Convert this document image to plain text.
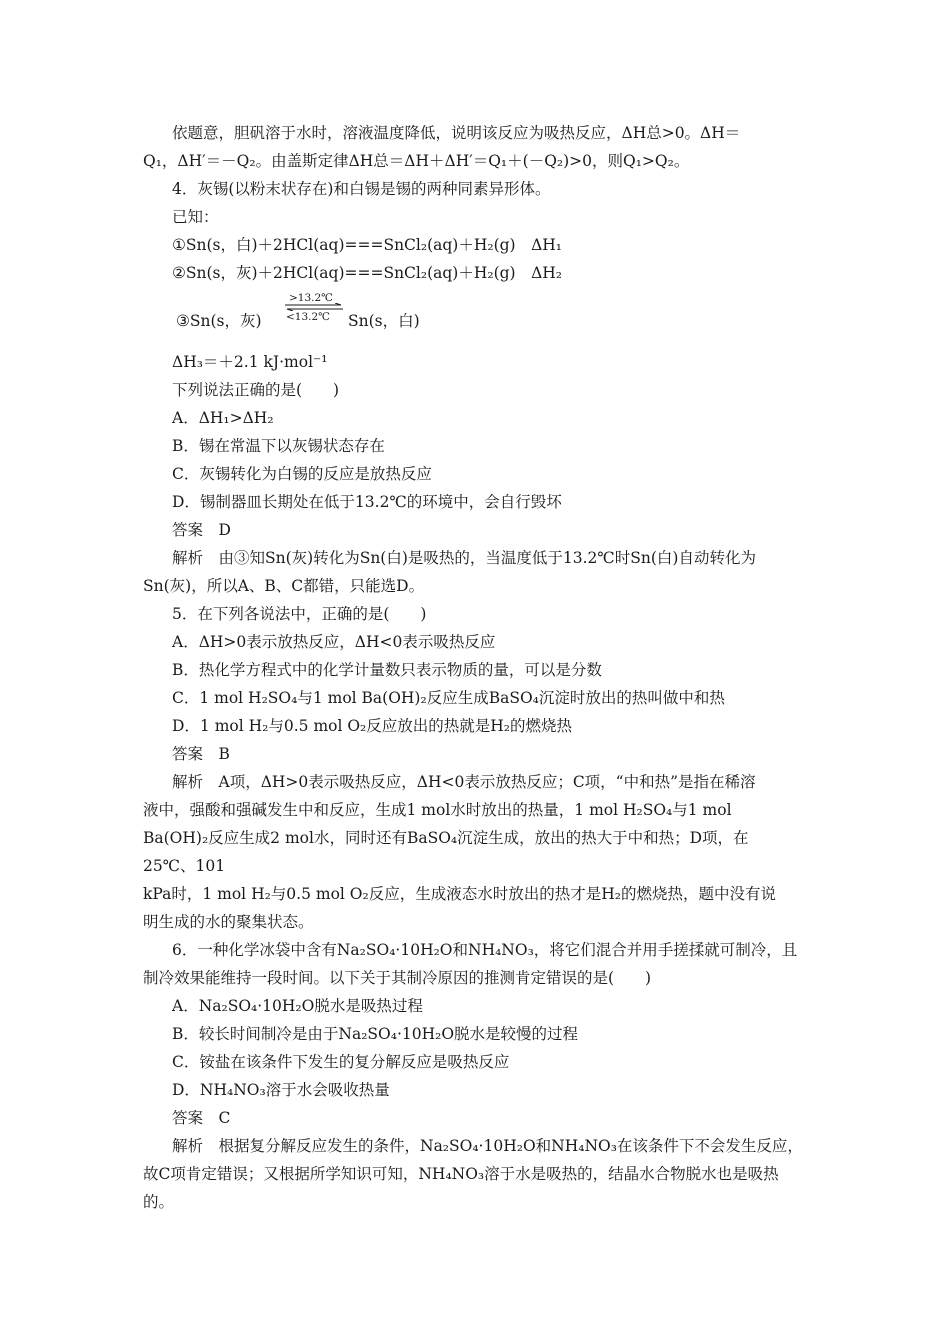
依题意，胆矾溶于水时，溶液温度降低，说明该反应为吸热反应，ΔH总>0。ΔH＝
Q₁，ΔH′＝－Q₂。由盖斯定律ΔH总＝ΔH＋ΔH′＝Q₁＋(－Q₂)>0，则Q₁>Q₂。
4．灰锡(以粉末状存在)和白锡是锡的两种同素异形体。
已知：
①Sn(s，白)＋2HCl(aq)===SnCl₂(aq)＋H₂(g)　ΔH₁
②Sn(s，灰)＋2HCl(aq)===SnCl₂(aq)＋H₂(g)　ΔH₂
③Sn(s，灰)
>13.2℃
<13.2℃ Sn(s，白)
ΔH₃＝＋2.1 kJ·mol⁻¹
下列说法正确的是(　　)
A．ΔH₁>ΔH₂
B．锡在常温下以灰锡状态存在
C．灰锡转化为白锡的反应是放热反应
D．锡制器皿长期处在低于13.2℃的环境中，会自行毁坏
答案　D
解析　由③知Sn(灰)转化为Sn(白)是吸热的，当温度低于13.2℃时Sn(白)自动转化为
Sn(灰)，所以A、B、C都错，只能选D。
5．在下列各说法中，正确的是(　　)
A．ΔH>0表示放热反应，ΔH<0表示吸热反应
B．热化学方程式中的化学计量数只表示物质的量，可以是分数
C．1 mol H₂SO₄与1 mol Ba(OH)₂反应生成BaSO₄沉淀时放出的热叫做中和热
D．1 mol H₂与0.5 mol O₂反应放出的热就是H₂的燃烧热
答案　B
解析　A项，ΔH>0表示吸热反应，ΔH<0表示放热反应；C项，“中和热”是指在稀溶
液中，强酸和强碱发生中和反应，生成1 mol水时放出的热量，1 mol H₂SO₄与1 mol
Ba(OH)₂反应生成2 mol水，同时还有BaSO₄沉淀生成，放出的热大于中和热；D项，在
25℃、101
kPa时，1 mol H₂与0.5 mol O₂反应，生成液态水时放出的热才是H₂的燃烧热，题中没有说
明生成的水的聚集状态。
6．一种化学冰袋中含有Na₂SO₄·10H₂O和NH₄NO₃，将它们混合并用手搓揉就可制冷，且
制冷效果能维持一段时间。以下关于其制冷原因的推测肯定错误的是(　　)
A．Na₂SO₄·10H₂O脱水是吸热过程
B．较长时间制冷是由于Na₂SO₄·10H₂O脱水是较慢的过程
C．铵盐在该条件下发生的复分解反应是吸热反应
D．NH₄NO₃溶于水会吸收热量
答案　C
解析　根据复分解反应发生的条件，Na₂SO₄·10H₂O和NH₄NO₃在该条件下不会发生反应，
故C项肯定错误；又根据所学知识可知，NH₄NO₃溶于水是吸热的，结晶水合物脱水也是吸热
的。
